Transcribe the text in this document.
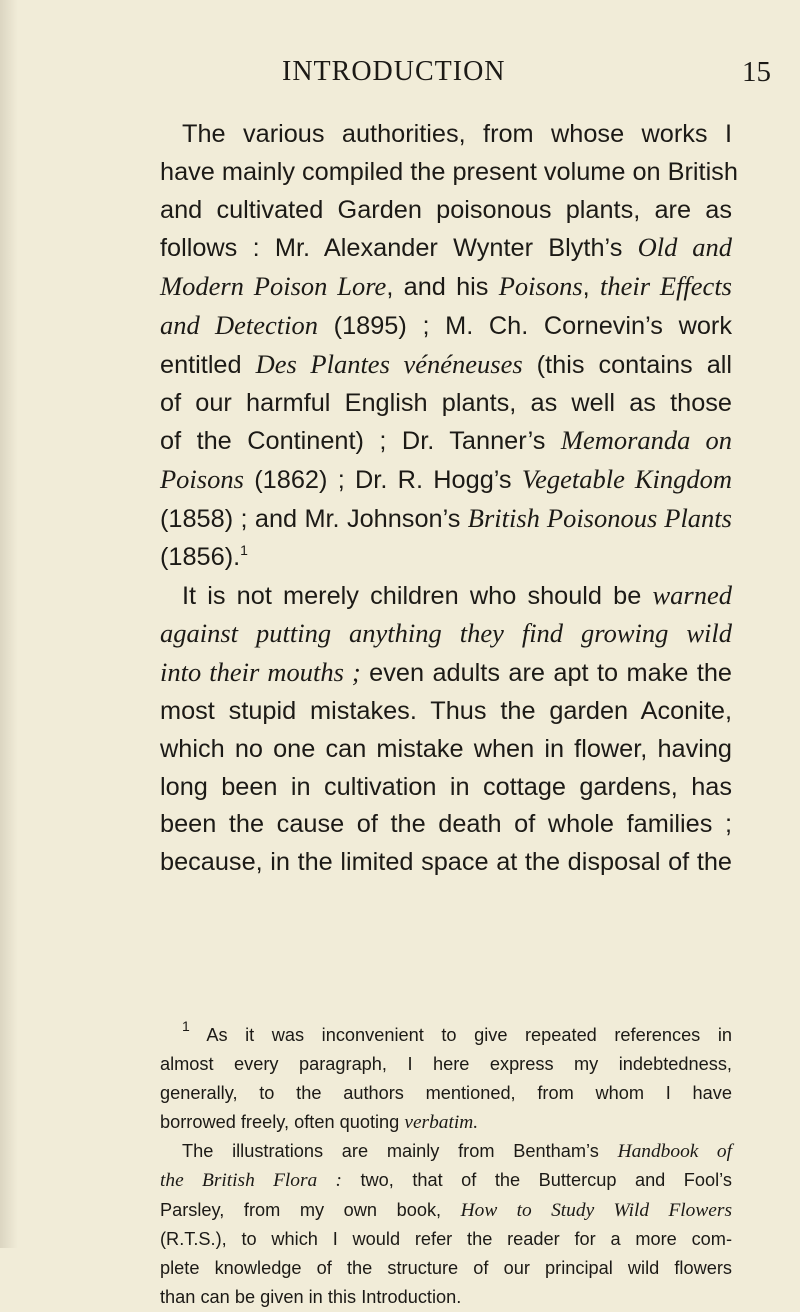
INTRODUCTION	15
The various authorities, from whose works I
have mainly compiled the present volume on British
and cultivated Garden poisonous plants, are as
follows : Mr. Alexander Wynter Blyth’s Old and
Modern Poison Lore, and his Poisons, their Effects
and Detection (1895) ; M. Ch. Cornevin’s work
entitled Des Plantes vénéneuses (this contains all
of our harmful English plants, as well as those
of the Continent) ; Dr. Tanner’s Memoranda on
Poisons (1862) ; Dr. R. Hogg’s Vegetable Kingdom
(1858) ; and Mr. Johnson’s British Poisonous Plants
(1856).$^1$
It is not merely children who should be warned
against putting anything they find growing wild
into their mouths ; even adults are apt to make the
most stupid mistakes. Thus the garden Aconite,
which no one can mistake when in flower, having
long been in cultivation in cottage gardens, has
been the cause of the death of whole families ;
because, in the limited space at the disposal of the
$^1$ As it was inconvenient to give repeated references in
almost every paragraph, I here express my indebtedness,
generally, to the authors mentioned, from whom I have
borrowed freely, often quoting verbatim.
The illustrations are mainly from Bentham’s Handbook of
the British Flora : two, that of the Buttercup and Fool’s
Parsley, from my own book, How to Study Wild Flowers
(R.T.S.), to which I would refer the reader for a more com-
plete knowledge of the structure of our principal wild flowers
than can be given in this Introduction.
